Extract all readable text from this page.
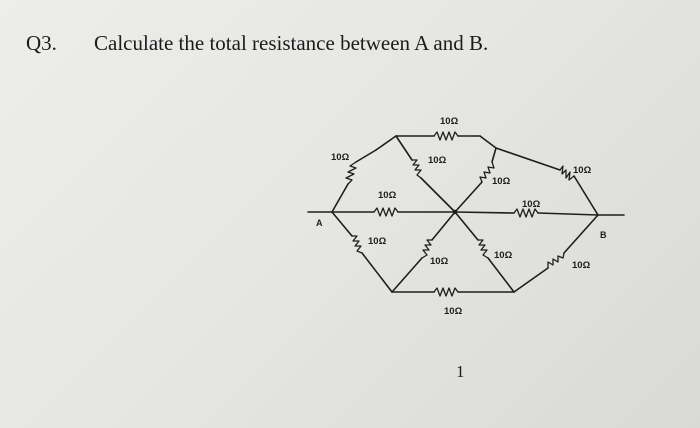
Q3. Calculate the total resistance between A and B.
A
B
10Ω
10Ω	10Ω
10Ω
10Ω
10Ω
10Ω
10Ω
10Ω
10Ω
10Ω
10Ω
1
